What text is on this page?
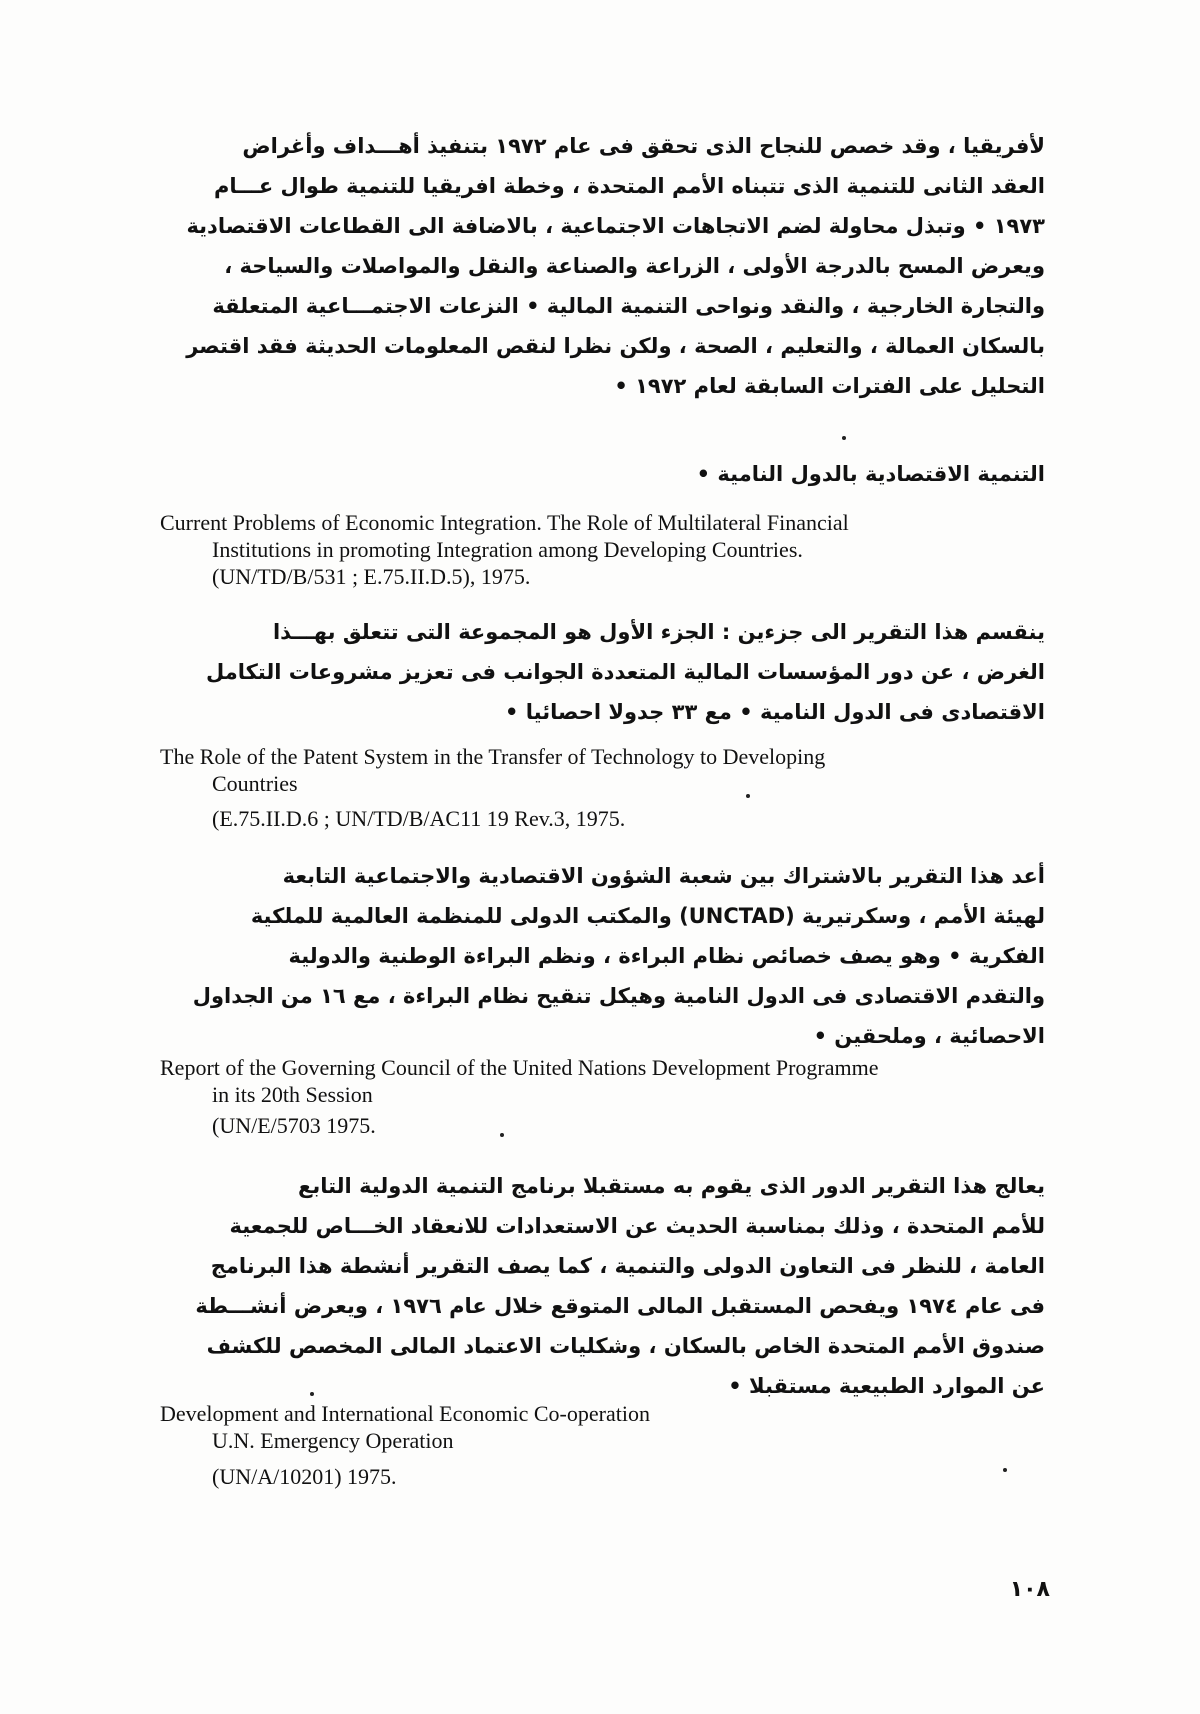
لأفريقيا ، وقد خصص للنجاح الذى تحقق فى عام ١٩٧٢ بتنفيذ أهـــداف وأغراض
العقد الثانى للتنمية الذى تتبناه الأمم المتحدة ، وخطة افريقيا للتنمية طوال عـــام
١٩٧٣ • وتبذل محاولة لضم الاتجاهات الاجتماعية ، بالاضافة الى القطاعات الاقتصادية
ويعرض المسح بالدرجة الأولى ، الزراعة والصناعة والنقل والمواصلات والسياحة ،
والتجارة الخارجية ، والنقد ونواحى التنمية المالية • النزعات الاجتمـــاعية المتعلقة
بالسكان العمالة ، والتعليم ، الصحة ، ولكن نظرا لنقص المعلومات الحديثة فقد اقتصر
التحليل على الفترات السابقة لعام ١٩٧٢ •
التنمية الاقتصادية بالدول النامية •
Current Problems of Economic Integration. The Role of Multilateral Financial
Institutions in promoting Integration among Developing Countries.
(UN/TD/B/531 ; E.75.II.D.5), 1975.
ينقسم هذا التقرير الى جزءين : الجزء الأول هو المجموعة التى تتعلق بهـــذا
الغرض ، عن دور المؤسسات المالية المتعددة الجوانب فى تعزيز مشروعات التكامل
الاقتصادى فى الدول النامية • مع ٣٣ جدولا احصائيا •
The Role of the Patent System in the Transfer of Technology to Developing
Countries
(E.75.II.D.6 ; UN/TD/B/AC11 19 Rev.3, 1975.
أعد هذا التقرير بالاشتراك بين شعبة الشؤون الاقتصادية والاجتماعية التابعة
لهيئة الأمم ، وسكرتيرية (UNCTAD) والمكتب الدولى للمنظمة العالمية للملكية
الفكرية • وهو يصف خصائص نظام البراءة ، ونظم البراءة الوطنية والدولية
والتقدم الاقتصادى فى الدول النامية وهيكل تنقيح نظام البراءة ، مع ١٦ من الجداول
الاحصائية ، وملحقين •
Report of the Governing Council of the United Nations Development Programme
in its 20th Session
(UN/E/5703 1975.
يعالج هذا التقرير الدور الذى يقوم به مستقبلا برنامج التنمية الدولية التابع
للأمم المتحدة ، وذلك بمناسبة الحديث عن الاستعدادات للانعقاد الخـــاص للجمعية
العامة ، للنظر فى التعاون الدولى والتنمية ، كما يصف التقرير أنشطة هذا البرنامج
فى عام ١٩٧٤ ويفحص المستقبل المالى المتوقع خلال عام ١٩٧٦ ، ويعرض أنشـــطة
صندوق الأمم المتحدة الخاص بالسكان ، وشكليات الاعتماد المالى المخصص للكشف
عن الموارد الطبيعية مستقبلا •
Development and International Economic Co-operation
U.N. Emergency Operation
(UN/A/10201) 1975.
١٠٨
